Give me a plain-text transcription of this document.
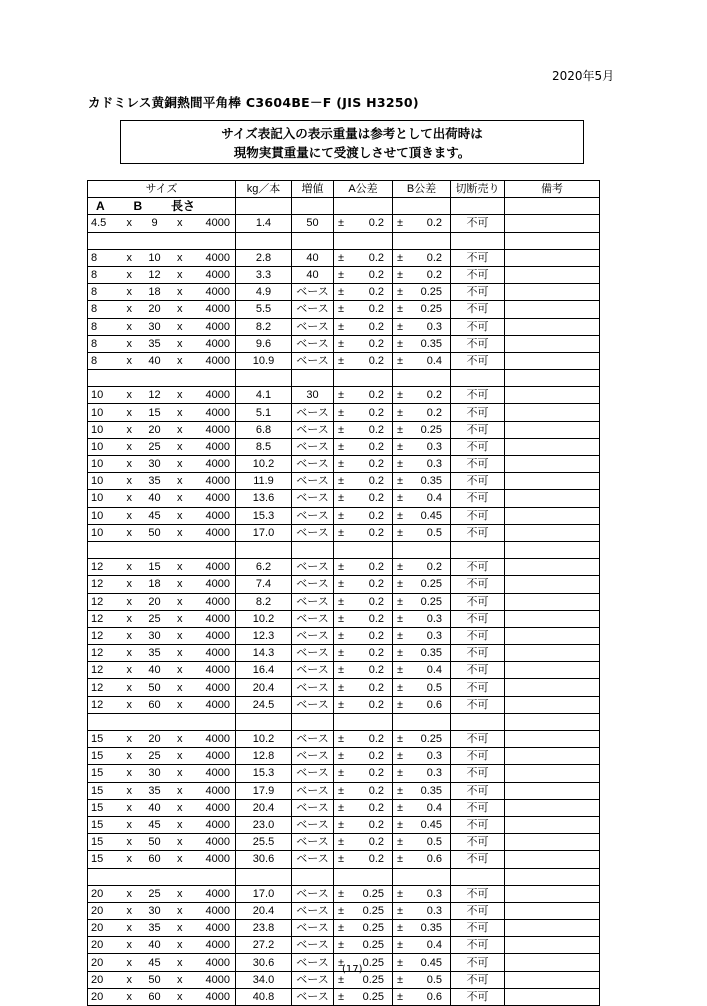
2020年5月
カドミレス黄銅熱間平角棒 C3604BE－F (JIS H3250)
サイズ表記入の表示重量は参考として出荷時は
現物実貫重量にて受渡しさせて頂きます。
サイズ	kg／本	増値	A公差	B公差	切断売り	備考

A B 長さ						

4.5 x 9 x 4000	1.4	50	± 0.2	± 0.2	不可	

8 x 10 x 4000	2.8	40	± 0.2	± 0.2	不可	

8 x 12 x 4000	3.3	40	± 0.2	± 0.2	不可	

8 x 18 x 4000	4.9	ベース	± 0.2	± 0.25	不可	

8 x 20 x 4000	5.5	ベース	± 0.2	± 0.25	不可	

8 x 30 x 4000	8.2	ベース	± 0.2	± 0.3	不可	

8 x 35 x 4000	9.6	ベース	± 0.2	± 0.35	不可	

8 x 40 x 4000	10.9	ベース	± 0.2	± 0.4	不可	

10 x 12 x 4000	4.1	30	± 0.2	± 0.2	不可	

10 x 15 x 4000	5.1	ベース	± 0.2	± 0.2	不可	

10 x 20 x 4000	6.8	ベース	± 0.2	± 0.25	不可	

10 x 25 x 4000	8.5	ベース	± 0.2	± 0.3	不可	

10 x 30 x 4000	10.2	ベース	± 0.2	± 0.3	不可	

10 x 35 x 4000	11.9	ベース	± 0.2	± 0.35	不可	

10 x 40 x 4000	13.6	ベース	± 0.2	± 0.4	不可	

10 x 45 x 4000	15.3	ベース	± 0.2	± 0.45	不可	

10 x 50 x 4000	17.0	ベース	± 0.2	± 0.5	不可	

12 x 15 x 4000	6.2	ベース	± 0.2	± 0.2	不可	

12 x 18 x 4000	7.4	ベース	± 0.2	± 0.25	不可	

12 x 20 x 4000	8.2	ベース	± 0.2	± 0.25	不可	

12 x 25 x 4000	10.2	ベース	± 0.2	± 0.3	不可	

12 x 30 x 4000	12.3	ベース	± 0.2	± 0.3	不可	

12 x 35 x 4000	14.3	ベース	± 0.2	± 0.35	不可	

12 x 40 x 4000	16.4	ベース	± 0.2	± 0.4	不可	

12 x 50 x 4000	20.4	ベース	± 0.2	± 0.5	不可	

12 x 60 x 4000	24.5	ベース	± 0.2	± 0.6	不可	

15 x 20 x 4000	10.2	ベース	± 0.2	± 0.25	不可	

15 x 25 x 4000	12.8	ベース	± 0.2	± 0.3	不可	

15 x 30 x 4000	15.3	ベース	± 0.2	± 0.3	不可	

15 x 35 x 4000	17.9	ベース	± 0.2	± 0.35	不可	

15 x 40 x 4000	20.4	ベース	± 0.2	± 0.4	不可	

15 x 45 x 4000	23.0	ベース	± 0.2	± 0.45	不可	

15 x 50 x 4000	25.5	ベース	± 0.2	± 0.5	不可	

15 x 60 x 4000	30.6	ベース	± 0.2	± 0.6	不可	

20 x 25 x 4000	17.0	ベース	± 0.25	± 0.3	不可	

20 x 30 x 4000	20.4	ベース	± 0.25	± 0.3	不可	

20 x 35 x 4000	23.8	ベース	± 0.25	± 0.35	不可	

20 x 40 x 4000	27.2	ベース	± 0.25	± 0.4	不可	

20 x 45 x 4000	30.6	ベース	± 0.25	± 0.45	不可	

20 x 50 x 4000	34.0	ベース	± 0.25	± 0.5	不可	

20 x 60 x 4000	40.8	ベース	± 0.25	± 0.6	不可	
(17)
